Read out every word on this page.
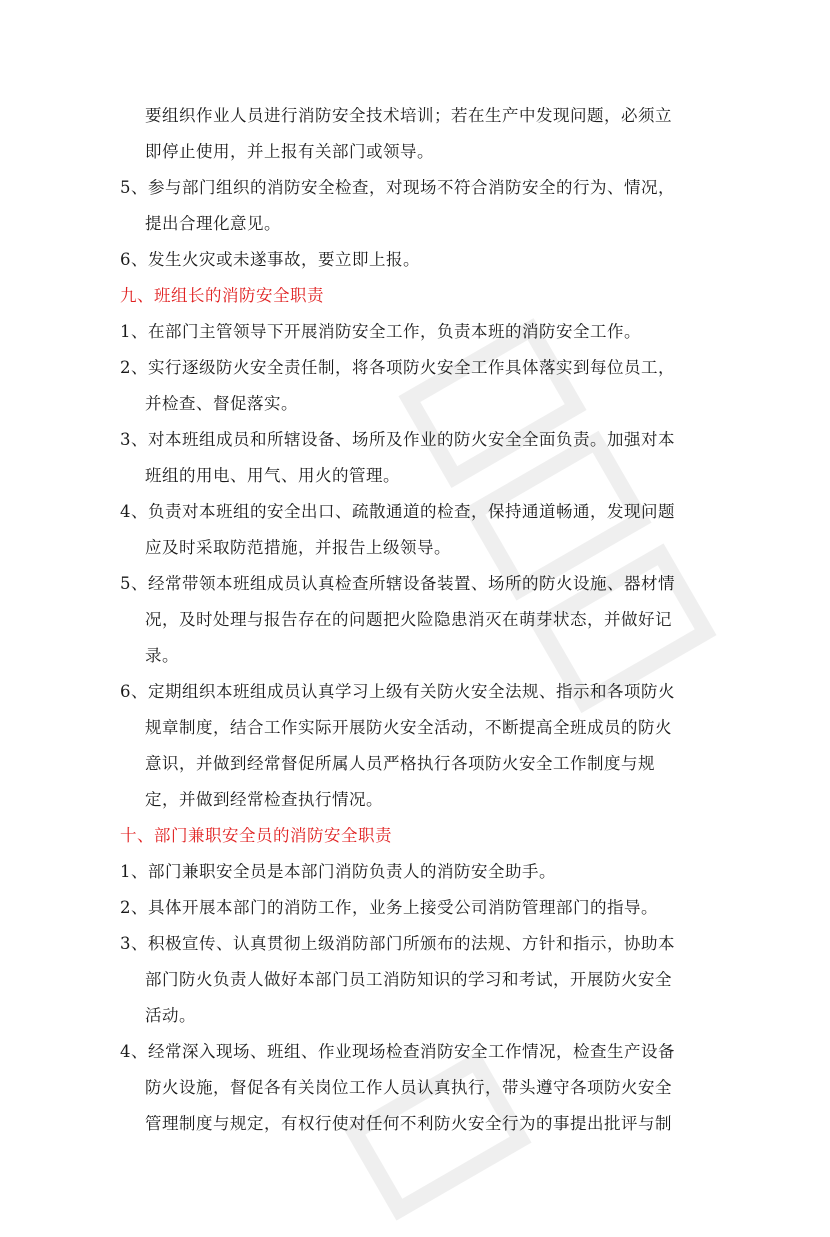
要组织作业人员进行消防安全技术培训；若在生产中发现问题，必须立
即停止使用，并上报有关部门或领导。
5、参与部门组织的消防安全检查，对现场不符合消防安全的行为、情况，
提出合理化意见。
6、发生火灾或未遂事故，要立即上报。
九、班组长的消防安全职责
1、在部门主管领导下开展消防安全工作，负责本班的消防安全工作。
2、实行逐级防火安全责任制，将各项防火安全工作具体落实到每位员工，
并检查、督促落实。
3、对本班组成员和所辖设备、场所及作业的防火安全全面负责。加强对本
班组的用电、用气、用火的管理。
4、负责对本班组的安全出口、疏散通道的检查，保持通道畅通，发现问题
应及时采取防范措施，并报告上级领导。
5、经常带领本班组成员认真检查所辖设备装置、场所的防火设施、器材情
况，及时处理与报告存在的问题把火险隐患消灭在萌芽状态，并做好记
录。
6、定期组织本班组成员认真学习上级有关防火安全法规、指示和各项防火
规章制度，结合工作实际开展防火安全活动，不断提高全班成员的防火
意识，并做到经常督促所属人员严格执行各项防火安全工作制度与规
定，并做到经常检查执行情况。
十、部门兼职安全员的消防安全职责
1、部门兼职安全员是本部门消防负责人的消防安全助手。
2、具体开展本部门的消防工作，业务上接受公司消防管理部门的指导。
3、积极宣传、认真贯彻上级消防部门所颁布的法规、方针和指示，协助本
部门防火负责人做好本部门员工消防知识的学习和考试，开展防火安全
活动。
4、经常深入现场、班组、作业现场检查消防安全工作情况，检查生产设备
防火设施，督促各有关岗位工作人员认真执行，带头遵守各项防火安全
管理制度与规定，有权行使对任何不利防火安全行为的事提出批评与制
